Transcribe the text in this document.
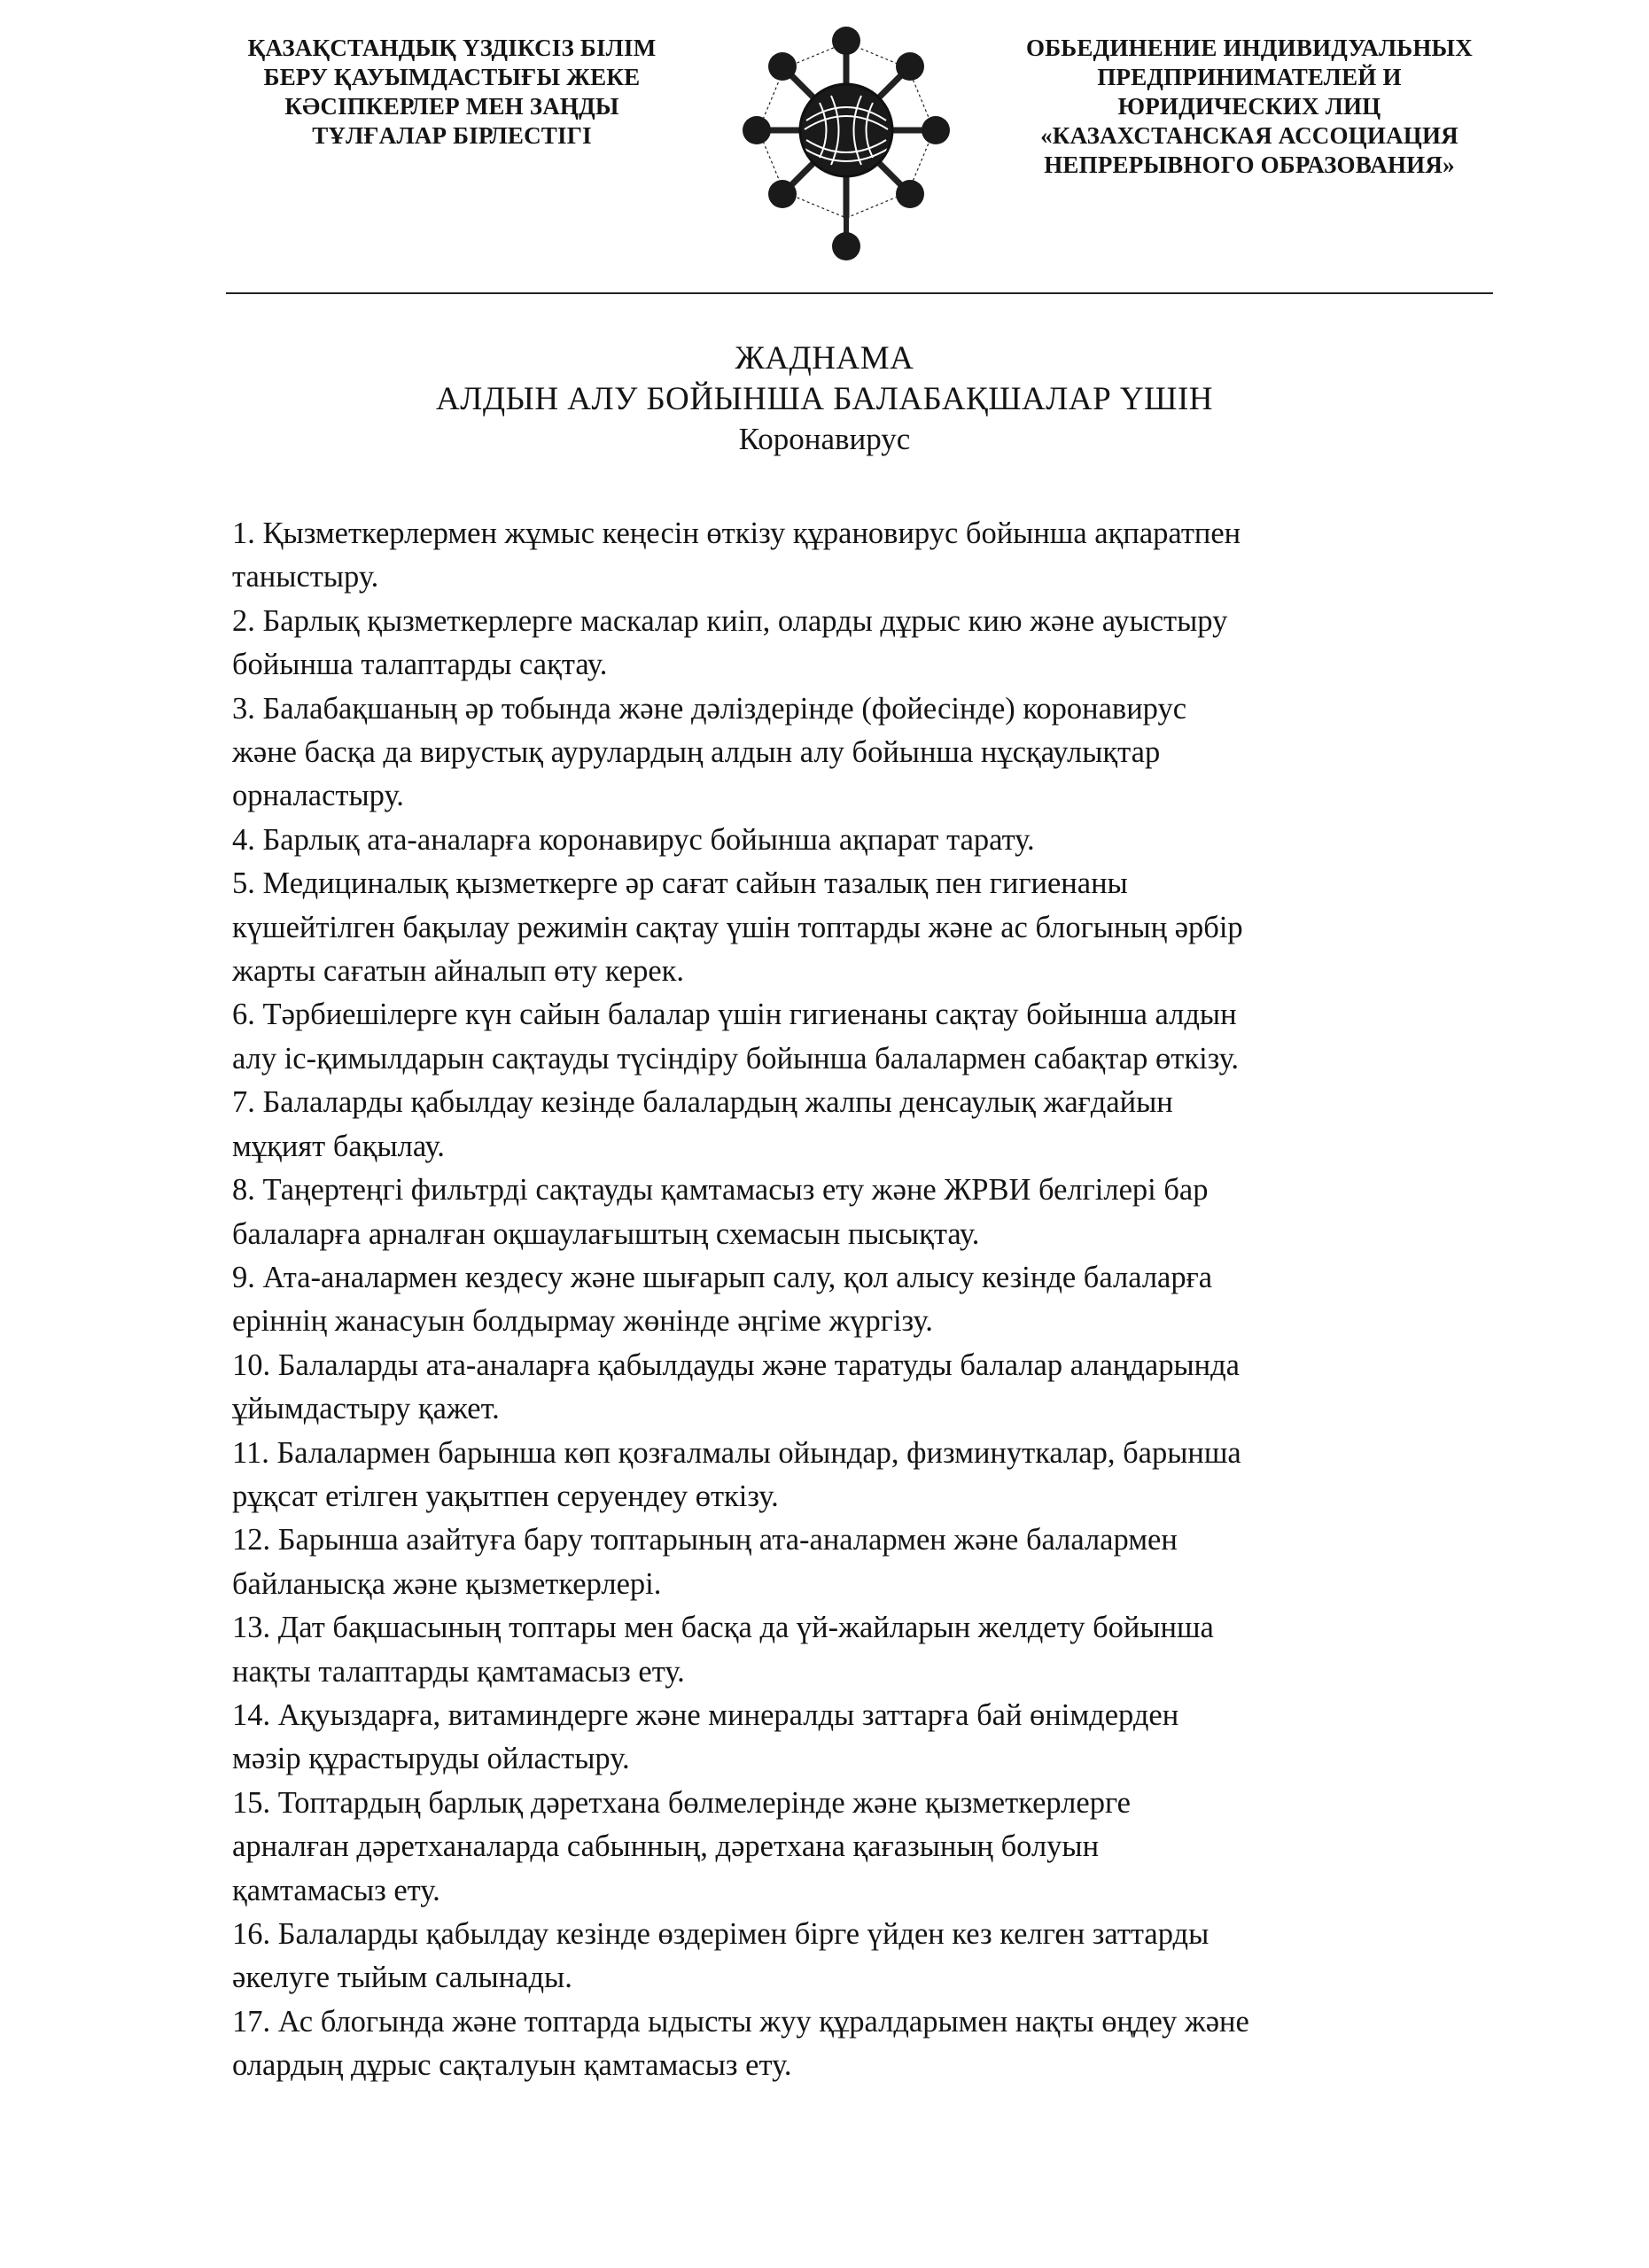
ҚАЗАҚСТАНДЫҚ ҮЗДІКСІЗ БІЛІМ
БЕРУ ҚАУЫМДАСТЫҒЫ ЖЕКЕ
КӘСІПКЕРЛЕР МЕН ЗАҢДЫ
ТҰЛҒАЛАР БІРЛЕСТІГІ
ОБЬЕДИНЕНИЕ ИНДИВИДУАЛЬНЫХ
ПРЕДПРИНИМАТЕЛЕЙ И
ЮРИДИЧЕСКИХ ЛИЦ
«КАЗАХСТАНСКАЯ АССОЦИАЦИЯ
НЕПРЕРЫВНОГО ОБРАЗОВАНИЯ»
ЖАДНАМА
АЛДЫН АЛУ БОЙЫНША БАЛАБАҚШАЛАР ҮШІН
Коронавирус
1. Қызметкерлермен жұмыс кеңесін өткізу құрановирус бойынша ақпаратпен
таныстыру.
2. Барлық қызметкерлерге маскалар киіп, оларды дұрыс кию және ауыстыру
бойынша талаптарды сақтау.
3. Балабақшаның әр тобында және дәліздерінде (фойесінде) коронавирус
және басқа да вирустық аурулардың алдын алу бойынша нұсқаулықтар
орналастыру.
4. Барлық ата-аналарға коронавирус бойынша ақпарат тарату.
5. Медициналық қызметкерге әр сағат сайын тазалық пен гигиенаны
күшейтілген бақылау режимін сақтау үшін топтарды және ас блогының әрбір
жарты сағатын айналып өту керек.
6. Тәрбиешілерге күн сайын балалар үшін гигиенаны сақтау бойынша алдын
алу іс-қимылдарын сақтауды түсіндіру бойынша балалармен сабақтар өткізу.
7. Балаларды қабылдау кезінде балалардың жалпы денсаулық жағдайын
мұқият бақылау.
8. Таңертеңгі фильтрді сақтауды қамтамасыз ету және ЖРВИ белгілері бар
балаларға арналған оқшаулағыштың схемасын пысықтау.
9. Ата-аналармен кездесу және шығарып салу, қол алысу кезінде балаларға
еріннің жанасуын болдырмау жөнінде әңгіме жүргізу.
10. Балаларды ата-аналарға қабылдауды және таратуды балалар алаңдарында
ұйымдастыру қажет.
11. Балалармен барынша көп қозғалмалы ойындар, физминуткалар, барынша
рұқсат етілген уақытпен серуендеу өткізу.
12. Барынша азайтуға бару топтарының ата-аналармен және балалармен
байланысқа және қызметкерлері.
13. Дат бақшасының топтары мен басқа да үй-жайларын желдету бойынша
нақты талаптарды қамтамасыз ету.
14. Ақуыздарға, витаминдерге және минералды заттарға бай өнімдерден
мәзір құрастыруды ойластыру.
15. Топтардың барлық дәретхана бөлмелерінде және қызметкерлерге
арналған дәретханаларда сабынның, дәретхана қағазының болуын
қамтамасыз ету.
16. Балаларды қабылдау кезінде өздерімен бірге үйден кез келген заттарды
әкелуге тыйым салынады.
17. Ас блогында және топтарда ыдысты жуу құралдарымен нақты өңдеу және
олардың дұрыс сақталуын қамтамасыз ету.
